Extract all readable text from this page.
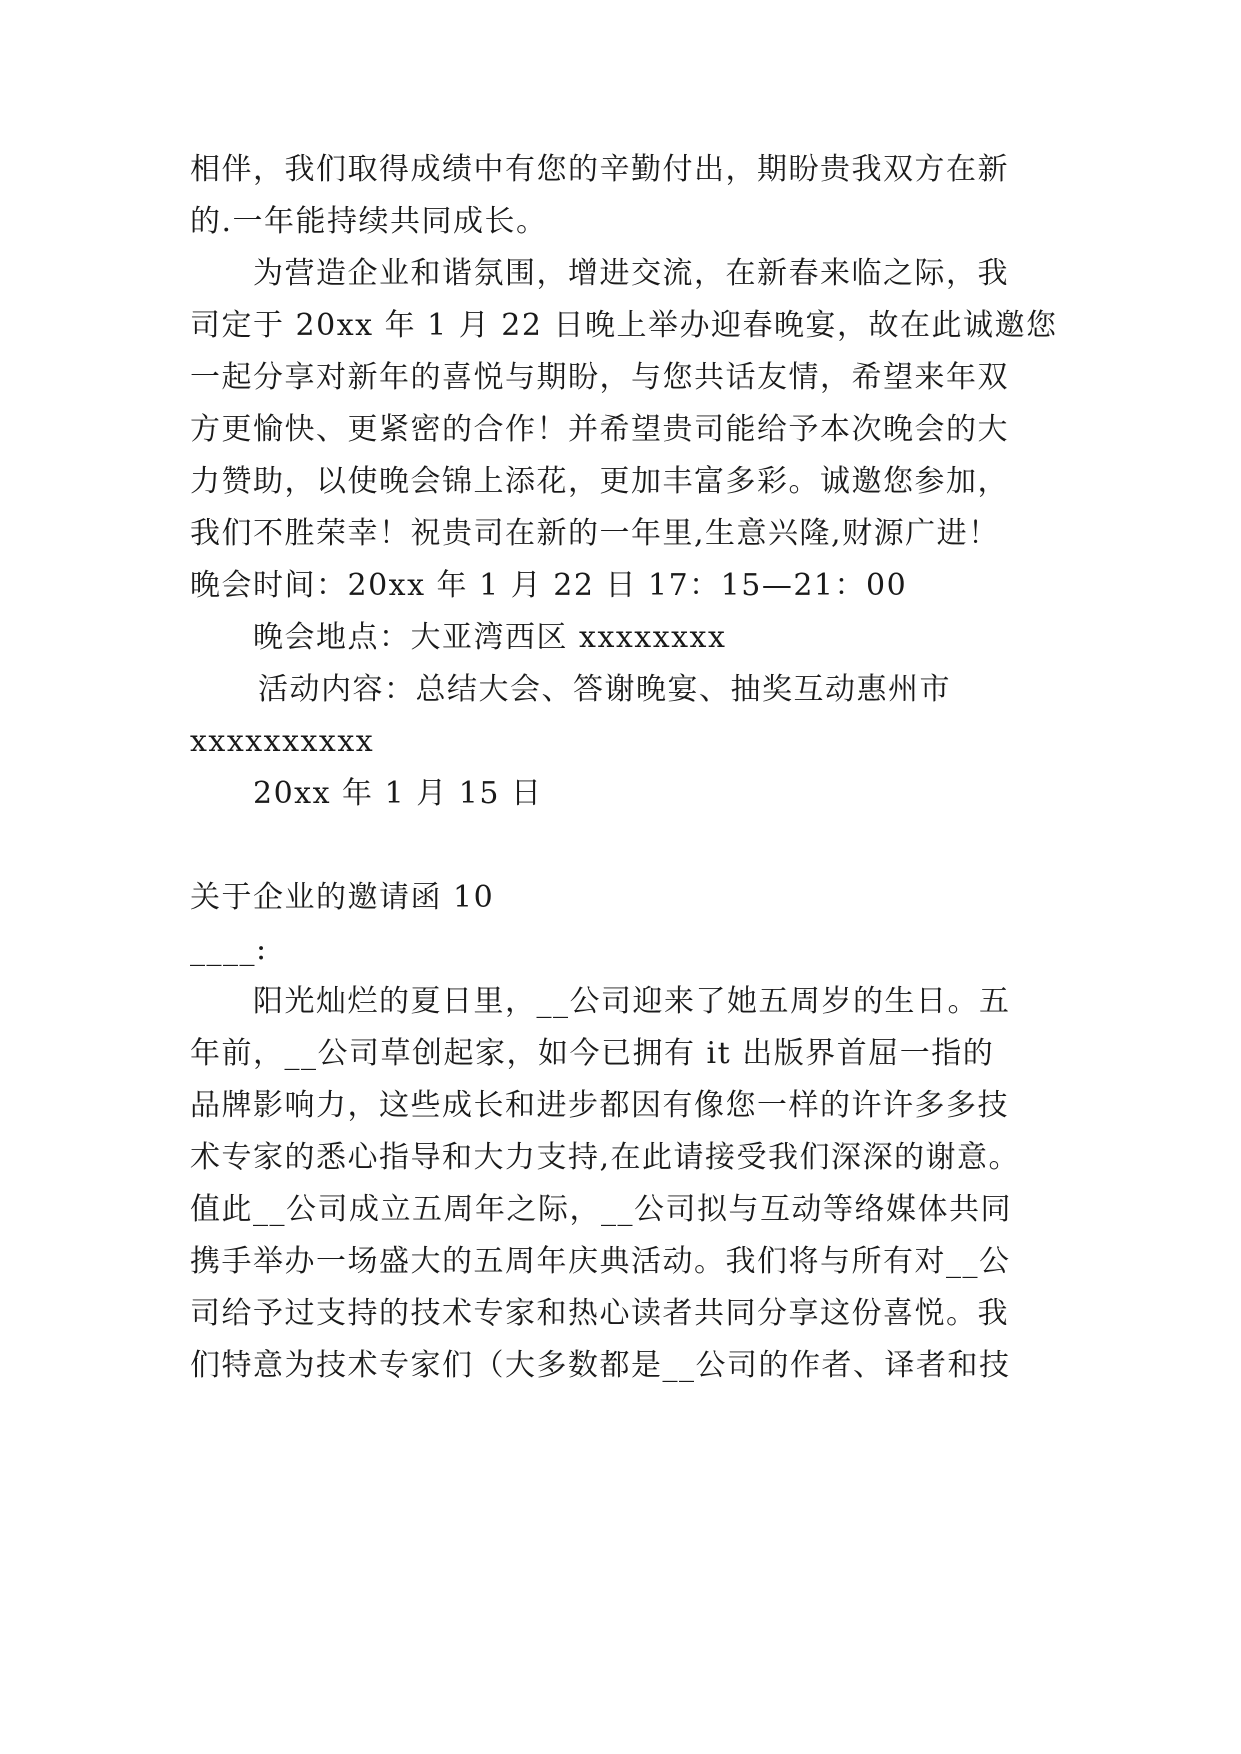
相伴，我们取得成绩中有您的辛勤付出，期盼贵我双方在新
的.一年能持续共同成长。
为营造企业和谐氛围，增进交流，在新春来临之际，我
司定于 20xx 年 1 月 22 日晚上举办迎春晚宴，故在此诚邀您
一起分享对新年的喜悦与期盼，与您共话友情，希望来年双
方更愉快、更紧密的合作！并希望贵司能给予本次晚会的大
力赞助，以使晚会锦上添花，更加丰富多彩。诚邀您参加，
我们不胜荣幸！祝贵司在新的一年里,生意兴隆,财源广进！
晚会时间：20xx 年 1 月 22 日 17：15—21：00
晚会地点：大亚湾西区 xxxxxxxx
活动内容：总结大会、答谢晚宴、抽奖互动惠州市
xxxxxxxxxx
20xx 年 1 月 15 日
关于企业的邀请函 10
____:
阳光灿烂的夏日里，__公司迎来了她五周岁的生日。五
年前，__公司草创起家，如今已拥有 it 出版界首屈一指的
品牌影响力，这些成长和进步都因有像您一样的许许多多技
术专家的悉心指导和大力支持,在此请接受我们深深的谢意。
值此__公司成立五周年之际，__公司拟与互动等络媒体共同
携手举办一场盛大的五周年庆典活动。我们将与所有对__公
司给予过支持的技术专家和热心读者共同分享这份喜悦。我
们特意为技术专家们（大多数都是__公司的作者、译者和技
